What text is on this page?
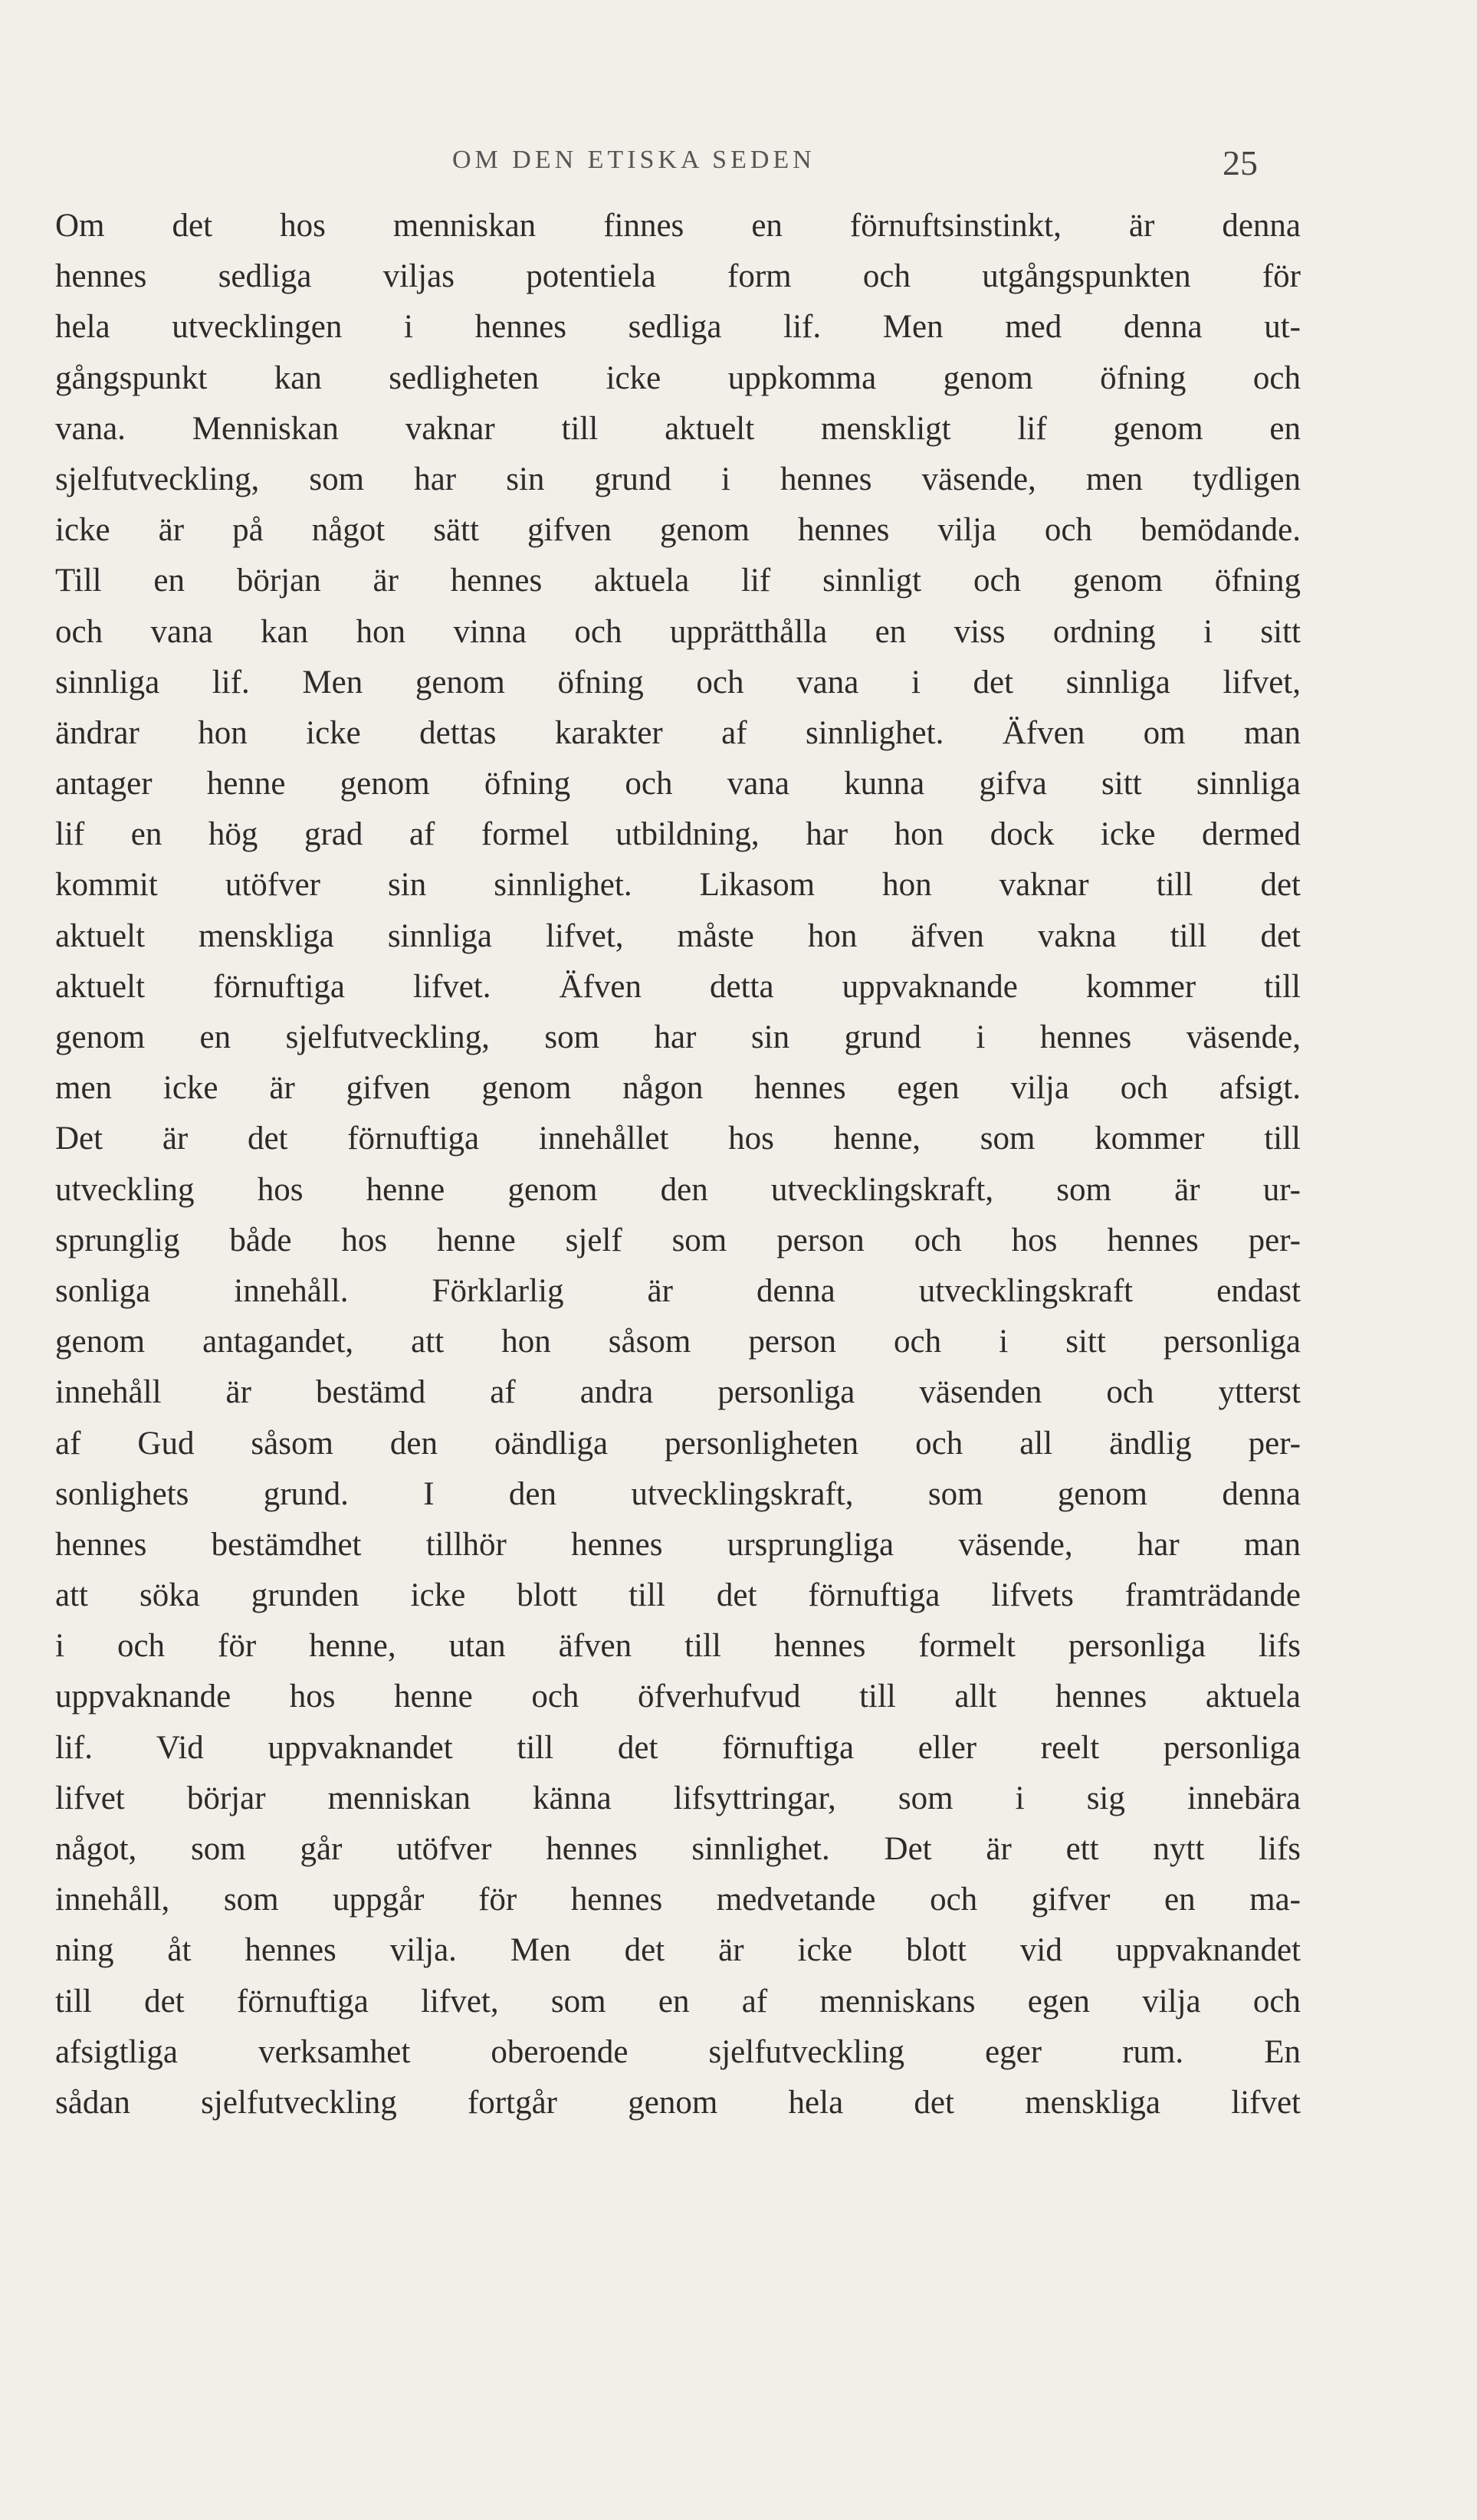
OM DEN ETISKA SEDEN	25
Om det hos menniskan finnes en förnuftsinstinkt, är denna
hennes sedliga viljas potentiela form och utgångspunkten för
hela utvecklingen i hennes sedliga lif. Men med denna ut-
gångspunkt kan sedligheten icke uppkomma genom öfning och
vana. Menniskan vaknar till aktuelt menskligt lif genom en
sjelfutveckling, som har sin grund i hennes väsende, men tydligen
icke är på något sätt gifven genom hennes vilja och bemödande.
Till en början är hennes aktuela lif sinnligt och genom öfning
och vana kan hon vinna och upprätthålla en viss ordning i sitt
sinnliga lif. Men genom öfning och vana i det sinnliga lifvet,
ändrar hon icke dettas karakter af sinnlighet. Äfven om man
antager henne genom öfning och vana kunna gifva sitt sinnliga
lif en hög grad af formel utbildning, har hon dock icke dermed
kommit utöfver sin sinnlighet. Likasom hon vaknar till det
aktuelt menskliga sinnliga lifvet, måste hon äfven vakna till det
aktuelt förnuftiga lifvet. Äfven detta uppvaknande kommer till
genom en sjelfutveckling, som har sin grund i hennes väsende,
men icke är gifven genom någon hennes egen vilja och afsigt.
Det är det förnuftiga innehållet hos henne, som kommer till
utveckling hos henne genom den utvecklingskraft, som är ur-
sprunglig både hos henne sjelf som person och hos hennes per-
sonliga innehåll. Förklarlig är denna utvecklingskraft endast
genom antagandet, att hon såsom person och i sitt personliga
innehåll är bestämd af andra personliga väsenden och ytterst
af Gud såsom den oändliga personligheten och all ändlig per-
sonlighets grund. I den utvecklingskraft, som genom denna
hennes bestämdhet tillhör hennes ursprungliga väsende, har man
att söka grunden icke blott till det förnuftiga lifvets framträdande
i och för henne, utan äfven till hennes formelt personliga lifs
uppvaknande hos henne och öfverhufvud till allt hennes aktuela
lif. Vid uppvaknandet till det förnuftiga eller reelt personliga
lifvet börjar menniskan känna lifsyttringar, som i sig innebära
något, som går utöfver hennes sinnlighet. Det är ett nytt lifs
innehåll, som uppgår för hennes medvetande och gifver en ma-
ning åt hennes vilja. Men det är icke blott vid uppvaknandet
till det förnuftiga lifvet, som en af menniskans egen vilja och
afsigtliga verksamhet oberoende sjelfutveckling eger rum. En
sådan sjelfutveckling fortgår genom hela det menskliga lifvet
